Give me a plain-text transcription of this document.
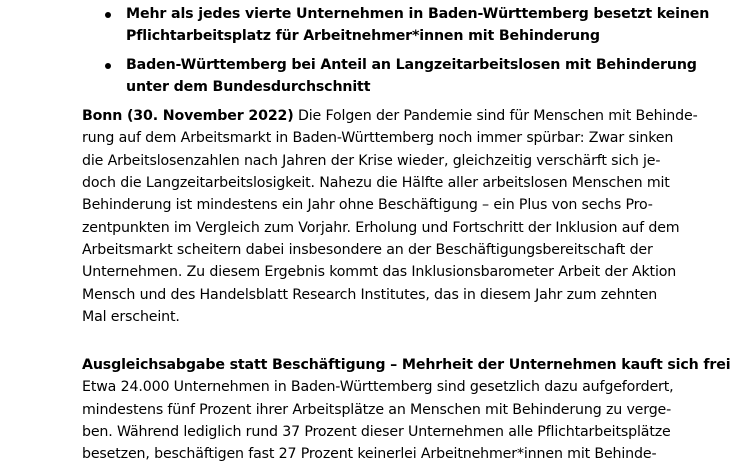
Mehr als jedes vierte Unternehmen in Baden-Württemberg besetzt keinen
Pflichtarbeitsplatz für Arbeitnehmer*innen mit Behinderung
Baden-Württemberg bei Anteil an Langzeitarbeitslosen mit Behinderung
unter dem Bundesdurchschnitt

Bonn (30. November 2022) Die Folgen der Pandemie sind für Menschen mit Behinde-
rung auf dem Arbeitsmarkt in Baden-Württemberg noch immer spürbar: Zwar sinken
die Arbeitslosenzahlen nach Jahren der Krise wieder, gleichzeitig verschärft sich je-
doch die Langzeitarbeitslosigkeit. Nahezu die Hälfte aller arbeitslosen Menschen mit
Behinderung ist mindestens ein Jahr ohne Beschäftigung – ein Plus von sechs Pro-
zentpunkten im Vergleich zum Vorjahr. Erholung und Fortschritt der Inklusion auf dem
Arbeitsmarkt scheitern dabei insbesondere an der Beschäftigungsbereitschaft der
Unternehmen. Zu diesem Ergebnis kommt das Inklusionsbarometer Arbeit der Aktion
Mensch und des Handelsblatt Research Institutes, das in diesem Jahr zum zehnten
Mal erscheint.

Ausgleichsabgabe statt Beschäftigung – Mehrheit der Unternehmen kauft sich frei

Etwa 24.000 Unternehmen in Baden-Württemberg sind gesetzlich dazu aufgefordert,
mindestens fünf Prozent ihrer Arbeitsplätze an Menschen mit Behinderung zu verge-
ben. Während lediglich rund 37 Prozent dieser Unternehmen alle Pflichtarbeitsplätze
besetzen, beschäftigen fast 27 Prozent keinerlei Arbeitnehmer*innen mit Behinde-
